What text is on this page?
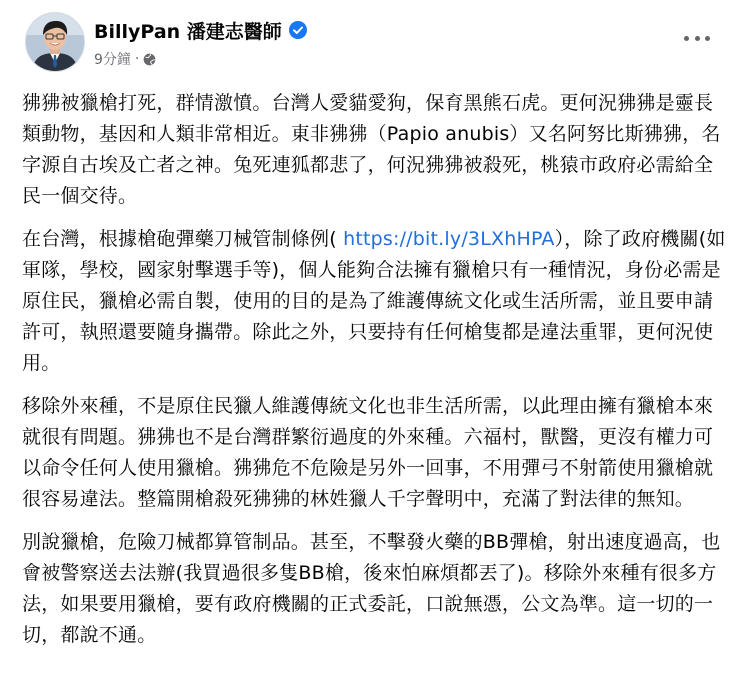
BillyPan 潘建志醫師
9分鐘 ·

狒狒被獵槍打死，群情激憤。台灣人愛貓愛狗，保育黑熊石虎。更何況狒狒是靈長類動物，基因和人類非常相近。東非狒狒（Papio anubis）又名阿努比斯狒狒，名字源自古埃及亡者之神。兔死連狐都悲了，何況狒狒被殺死，桃猿市政府必需給全民一個交待。

在台灣，根據槍砲彈藥刀械管制條例( https://bit.ly/3LXhHPA），除了政府機關(如軍隊，學校，國家射擊選手等)，個人能夠合法擁有獵槍只有一種情況，身份必需是原住民，獵槍必需自製，使用的目的是為了維護傳統文化或生活所需，並且要申請許可，執照還要隨身攜帶。除此之外，只要持有任何槍隻都是違法重罪，更何況使用。

移除外來種，不是原住民獵人維護傳統文化也非生活所需，以此理由擁有獵槍本來就很有問題。狒狒也不是台灣群繁衍過度的外來種。六福村，獸醫，更沒有權力可以命令任何人使用獵槍。狒狒危不危險是另外一回事，不用彈弓不射箭使用獵槍就很容易違法。整篇開槍殺死狒狒的林姓獵人千字聲明中，充滿了對法律的無知。

別說獵槍，危險刀械都算管制品。甚至，不擊發火藥的BB彈槍，射出速度過高，也會被警察送去法辦(我買過很多隻BB槍，後來怕麻煩都丟了)。移除外來種有很多方法，如果要用獵槍，要有政府機關的正式委託，口說無憑，公文為準。這一切的一切，都說不通。
